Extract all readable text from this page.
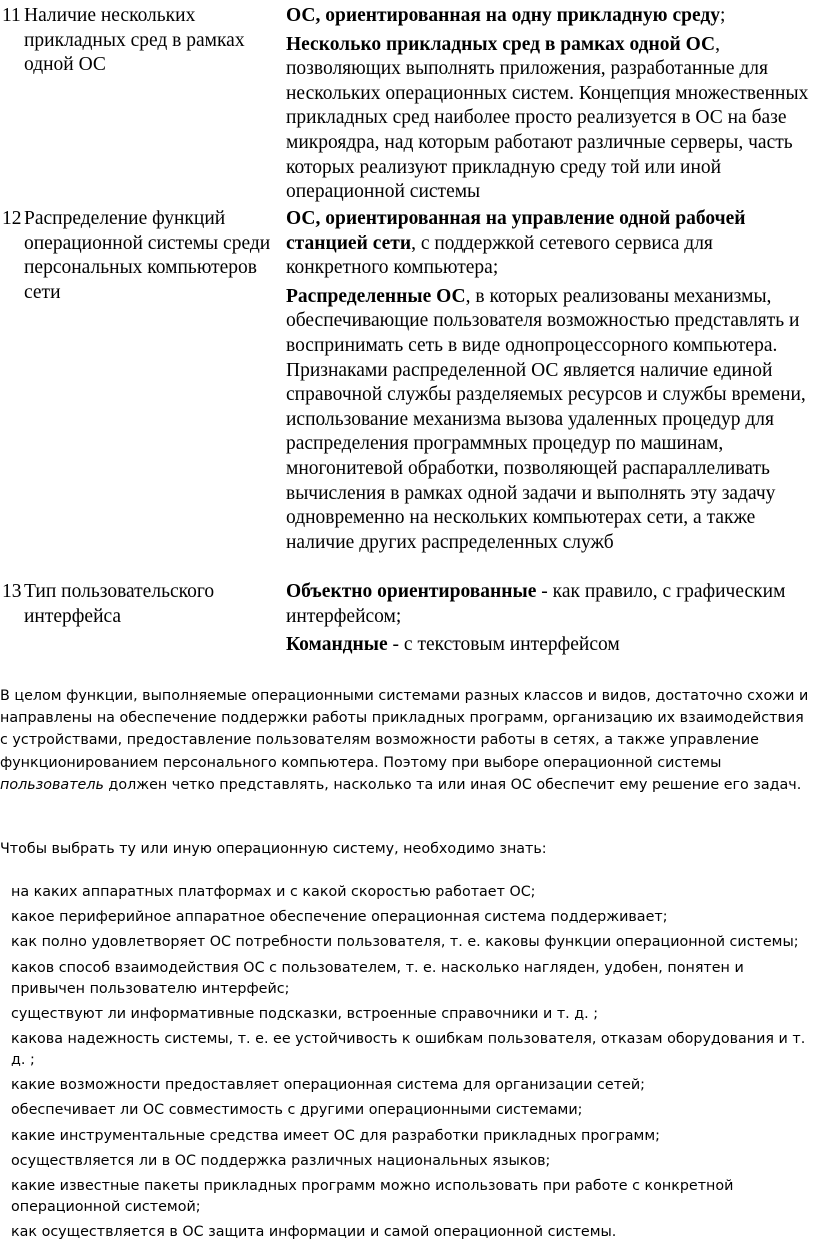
11 Наличие нескольких прикладных сред в рамках одной ОС

ОС, ориентированная на одну прикладную среду;

Несколько прикладных сред в рамках одной ОС, позволяющих выполнять приложения, разработанные для нескольких операционных систем. Концепция множественных прикладных сред наиболее просто реализуется в ОС на базе микроядра, над которым работают различные серверы, часть которых реализуют прикладную среду той или иной операционной системы

12 Распределение функций операционной системы среди персональных компьютеров сети

ОС, ориентированная на управление одной рабочей станцией сети, с поддержкой сетевого сервиса для конкретного компьютера;

Распределенные ОС, в которых реализованы механизмы, обеспечивающие пользователя возможностью представлять и воспринимать сеть в виде однопроцессорного компьютера. Признаками распределенной ОС является наличие единой справочной службы разделяемых ресурсов и службы времени, использование механизма вызова удаленных процедур для распределения программных процедур по машинам, многонитевой обработки, позволяющей распараллеливать вычисления в рамках одной задачи и выполнять эту задачу одновременно на нескольких компьютерах сети, а также наличие других распределенных служб

13 Тип пользовательского интерфейса

Объектно ориентированные - как правило, с графическим интерфейсом;

Командные - с текстовым интерфейсом

В целом функции, выполняемые операционными системами разных классов и видов, достаточно схожи и направлены на обеспечение поддержки работы прикладных программ, организацию их взаимодействия с устройствами, предоставление пользователям возможности работы в сетях, а также управление функционированием персонального компьютера. Поэтому при выборе операционной системы пользователь должен четко представлять, насколько та или иная ОС обеспечит ему решение его задач.

Чтобы выбрать ту или иную операционную систему, необходимо знать:

на каких аппаратных платформах и с какой скоростью работает ОС;
какое периферийное аппаратное обеспечение операционная система поддерживает;
как полно удовлетворяет ОС потребности пользователя, т. е. каковы функции операционной системы;
каков способ взаимодействия ОС с пользователем, т. е. насколько нагляден, удобен, понятен и привычен пользователю интерфейс;
существуют ли информативные подсказки, встроенные справочники и т. д. ;
какова надежность системы, т. е. ее устойчивость к ошибкам пользователя, отказам оборудования и т. д. ;
какие возможности предоставляет операционная система для организации сетей;
обеспечивает ли ОС совместимость с другими операционными системами;
какие инструментальные средства имеет ОС для разработки прикладных программ;
осуществляется ли в ОС поддержка различных национальных языков;
какие известные пакеты прикладных программ можно использовать при работе с конкретной операционной системой;
как осуществляется в ОС защита информации и самой операционной системы.
